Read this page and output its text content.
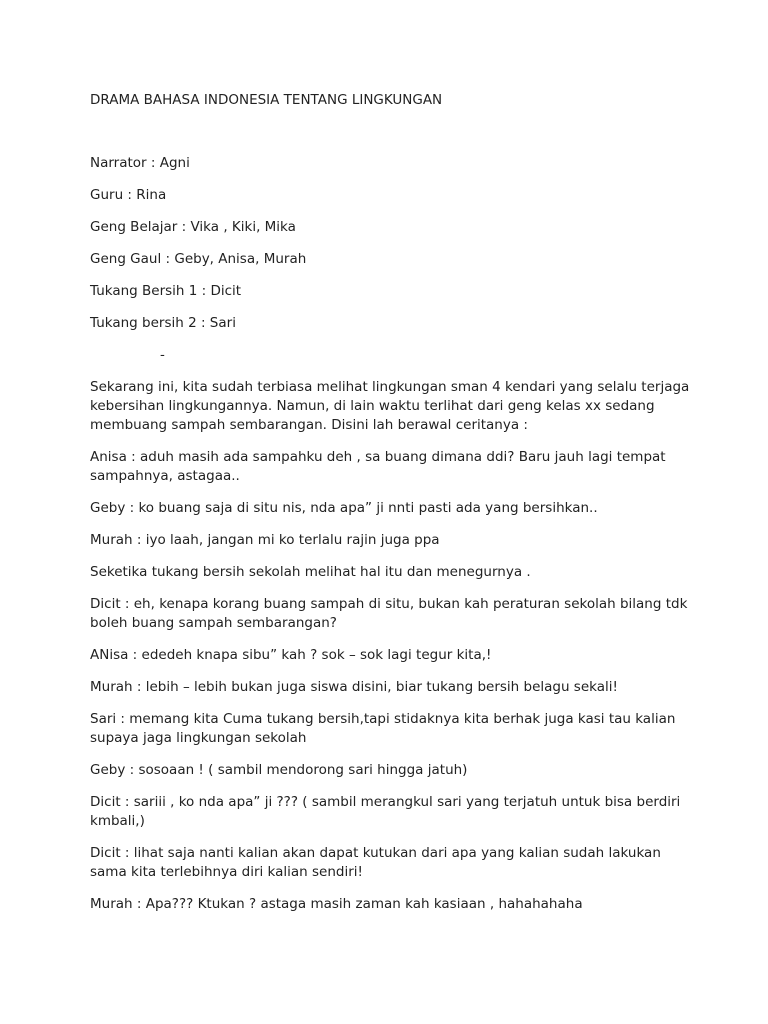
DRAMA BAHASA INDONESIA TENTANG LINGKUNGAN

Narrator : Agni

Guru : Rina

Geng Belajar : Vika , Kiki, Mika

Geng Gaul : Geby, Anisa, Murah

Tukang Bersih 1 : Dicit

Tukang bersih 2 : Sari

-

Sekarang ini, kita sudah terbiasa melihat lingkungan sman 4 kendari yang selalu terjaga kebersihan lingkungannya. Namun, di lain waktu terlihat dari geng kelas xx sedang membuang sampah sembarangan. Disini lah berawal ceritanya :

Anisa : aduh masih ada sampahku deh , sa buang dimana ddi? Baru jauh lagi tempat sampahnya, astagaa..

Geby : ko buang saja di situ nis, nda apa” ji nnti pasti ada yang bersihkan..

Murah : iyo laah, jangan mi ko terlalu rajin juga ppa

Seketika tukang bersih sekolah melihat hal itu dan menegurnya .

Dicit : eh, kenapa korang buang sampah di situ, bukan kah peraturan sekolah bilang tdk boleh buang sampah sembarangan?

ANisa : ededeh knapa sibu” kah ? sok – sok lagi tegur kita,!

Murah : lebih – lebih bukan juga siswa disini, biar tukang bersih belagu sekali!

Sari : memang kita Cuma tukang bersih,tapi stidaknya kita berhak juga kasi tau kalian supaya jaga lingkungan sekolah

Geby : sosoaan ! ( sambil mendorong sari hingga jatuh)

Dicit : sariii , ko nda apa” ji ??? ( sambil merangkul sari yang terjatuh untuk bisa berdiri kmbali,)

Dicit : lihat saja nanti kalian akan dapat kutukan dari apa yang kalian sudah lakukan sama kita terlebihnya diri kalian sendiri!

Murah : Apa??? Ktukan ? astaga masih zaman kah kasiaan , hahahahaha
